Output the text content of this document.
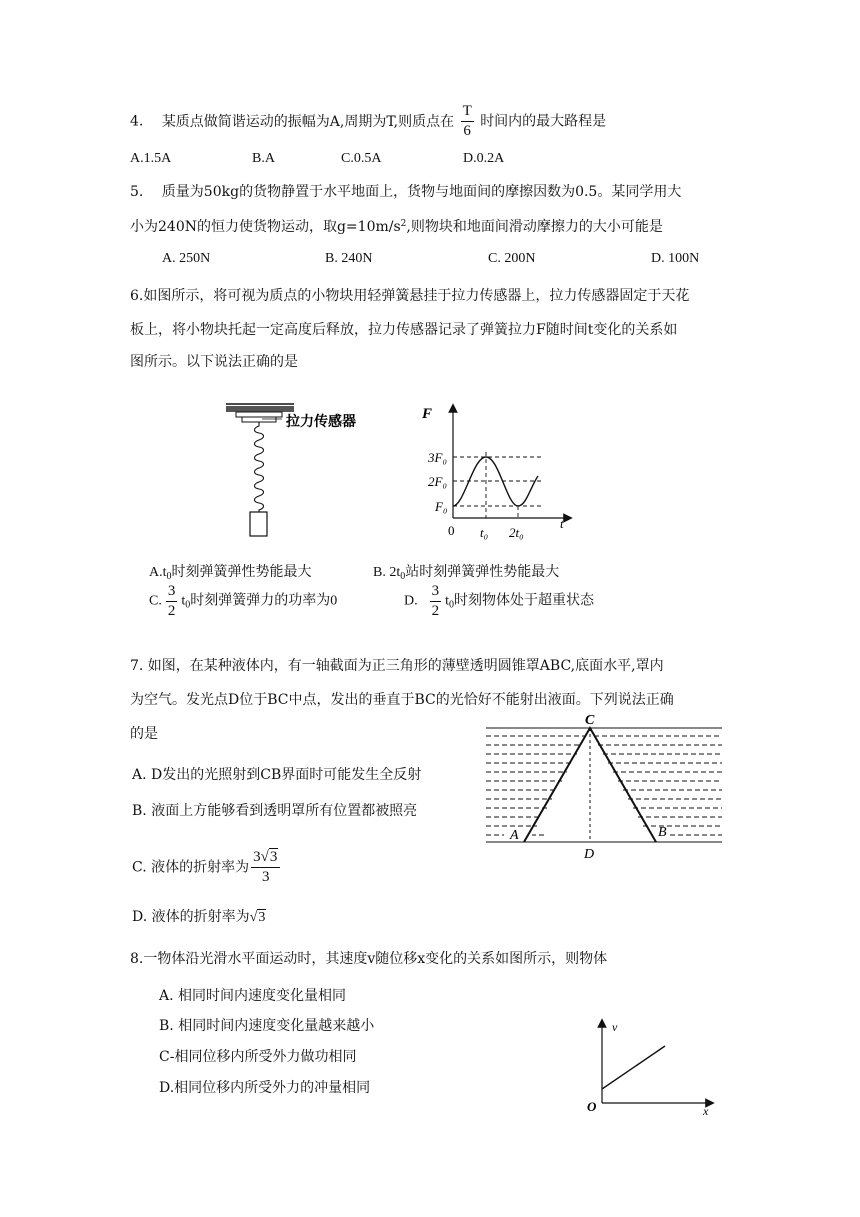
4. 某质点做简谐运动的振幅为A,周期为T,则质点在 $\frac{T}{6}$ 时间内的最大路程是
A.1.5A	B.A	C.0.5A	D.0.2A
5. 质量为50kg的货物静置于水平地面上，货物与地面间的摩擦因数为0.5。某同学用大
小为240N的恒力使货物运动，取$g=10m/s^2$,则物块和地面间滑动摩擦力的大小可能是
A. 250N	B. 240N	C. 200N	D. 100N
6.如图所示，将可视为质点的小物块用轻弹簧悬挂于拉力传感器上，拉力传感器固定于天花
板上，将小物块托起一定高度后释放，拉力传感器记录了弹簧拉力F随时间t变化的关系如
图所示。以下说法正确的是
拉力传感器
F
t
3F₀
2F₀
F₀
0 t₀ 2t₀
$A.t_0$时刻弹簧弹性势能最大	B. $2t_0$站时刻弹簧弹性势能最大
C. $\frac{3}{2} t_0$时刻弹簧弹力的功率为0	D. $\frac{3}{2} t_0$时刻物体处于超重状态
7. 如图，在某种液体内，有一轴截面为正三角形的薄壁透明圆锥罩ABC,底面水平,罩内
为空气。发光点D位于BC中点，发出的垂直于BC的光恰好不能射出液面。下列说法正确
的是
A. D发出的光照射到CB界面时可能发生全反射
B. 液面上方能够看到透明罩所有位置都被照亮
C. 液体的折射率为 $\frac{3√3}{3}$
D. 液体的折射率为√3
C
A	B
D
8.一物体沿光滑水平面运动时，其速度v随位移x变化的关系如图所示，则物体
A. 相同时间内速度变化量相同
B. 相同时间内速度变化量越来越小
C-相同位移内所受外力做功相同
D.相同位移内所受外力的冲量相同
v
x
O
